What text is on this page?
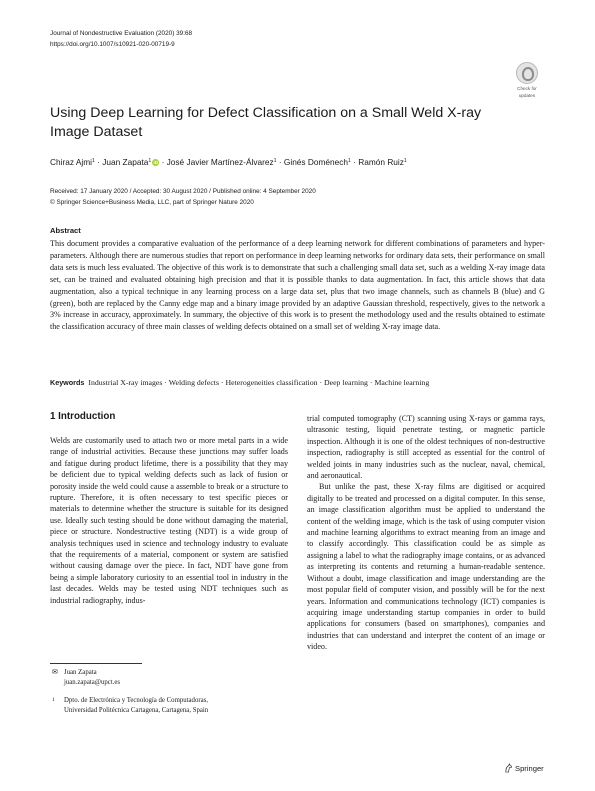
Journal of Nondestructive Evaluation (2020) 39:68
https://doi.org/10.1007/s10921-020-00719-9
Check for
updates
Using Deep Learning for Defect Classification on a Small Weld X-ray Image Dataset
Chiraz Ajmi$^1$ · Juan Zapata$^1$ iD · José Javier Martínez-Álvarez$^1$ · Ginés Doménech$^1$ · Ramón Ruiz$^1$
Received: 17 January 2020 / Accepted: 30 August 2020 / Published online: 4 September 2020
© Springer Science+Business Media, LLC, part of Springer Nature 2020
Abstract

This document provides a comparative evaluation of the performance of a deep learning network for different combinations of parameters and hyper-parameters. Although there are numerous studies that report on performance in deep learning networks for ordinary data sets, their performance on small data sets is much less evaluated. The objective of this work is to demonstrate that such a challenging small data set, such as a welding X-ray image data set, can be trained and evaluated obtaining high precision and that it is possible thanks to data augmentation. In fact, this article shows that data augmentation, also a typical technique in any learning process on a large data set, plus that two image channels, such as channels B (blue) and G (green), both are replaced by the Canny edge map and a binary image provided by an adaptive Gaussian threshold, respectively, gives to the network a 3% increase in accuracy, approximately. In summary, the objective of this work is to present the methodology used and the results obtained to estimate the classification accuracy of three main classes of welding defects obtained on a small set of welding X-ray image data.

Keywords Industrial X-ray images · Welding defects · Heterogeneities classification · Deep learning · Machine learning
1 Introduction

Welds are customarily used to attach two or more metal parts in a wide range of industrial activities. Because these junctions may suffer loads and fatigue during product lifetime, there is a possibility that they may be deficient due to typical welding defects such as lack of fusion or porosity inside the weld could cause a assemble to break or a structure to rupture. Therefore, it is often necessary to test specific pieces or materials to determine whether the structure is suitable for its designed use. Ideally such testing should be done without damaging the material, piece or structure. Nondestructive testing (NDT) is a wide group of analysis techniques used in science and technology industry to evaluate that the requirements of a material, component or system are satisfied without causing damage over the piece. In fact, NDT have gone from being a simple laboratory curiosity to an essential tool in industry in the last decades. Welds may be tested using NDT techniques such as industrial radiography, indus-

trial computed tomography (CT) scanning using X-rays or gamma rays, ultrasonic testing, liquid penetrate testing, or magnetic particle inspection. Although it is one of the oldest techniques of non-destructive inspection, radiography is still accepted as essential for the control of welded joints in many industries such as the nuclear, naval, chemical, and aeronautical.

But unlike the past, these X-ray films are digitised or acquired digitally to be treated and processed on a digital computer. In this sense, an image classification algorithm must be applied to understand the content of the welding image, which is the task of using computer vision and machine learning algorithms to extract meaning from an image and to classify accordingly. This classification could be as simple as assigning a label to what the radiography image contains, or as advanced as interpreting its contents and returning a human-readable sentence. Without a doubt, image classification and image understanding are the most popular field of computer vision, and possibly will be for the next years. Information and communications technology (ICT) companies is acquiring image understanding startup companies in order to build applications for consumers (based on smartphones), companies and industries that can understand and interpret the content of an image or video.

✉ Juan Zapata
juan.zapata@upct.es
1 Dpto. de Electrónica y Tecnología de Computadoras,
Universidad Politécnica Cartagena, Cartagena, Spain
Springer
